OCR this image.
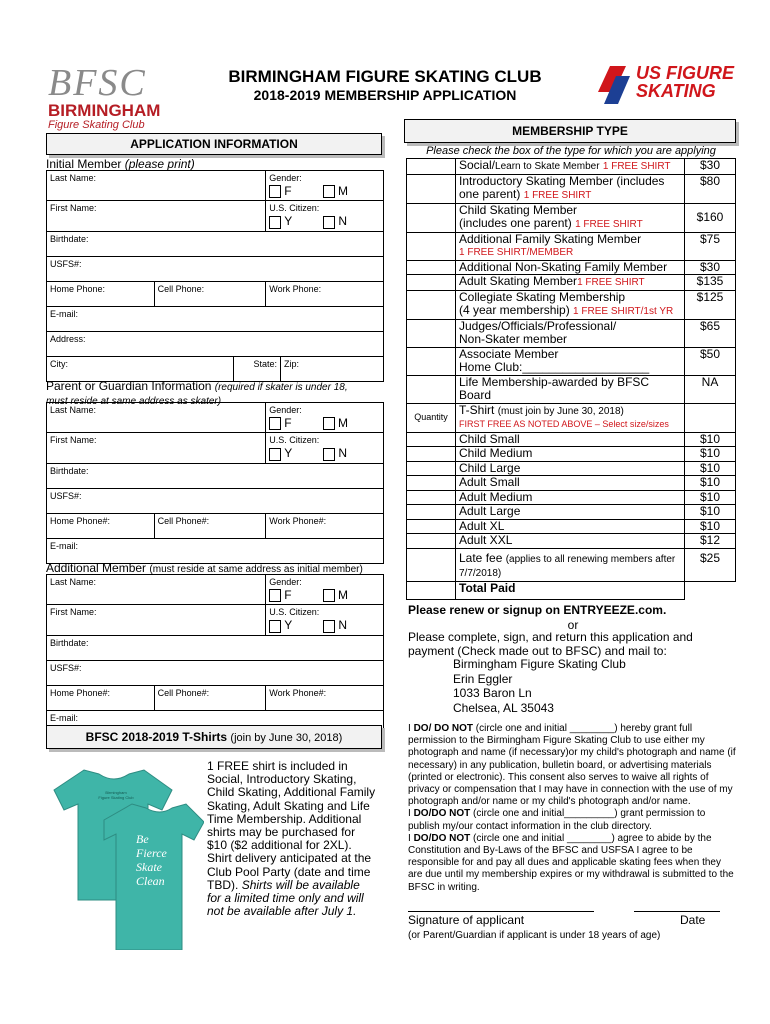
BIRMINGHAM FIGURE SKATING CLUB
2018-2019 MEMBERSHIP APPLICATION
BFSC
BIRMINGHAM
Figure Skating Club
US FIGURE SKATING
APPLICATION INFORMATION
Initial Member (please print)
Last Name:		Gender:
F M

First Name:		U.S. Citizen:
Y N

Birthdate:		
USFS#:		
Home Phone:	Cell Phone:	Work Phone:
E-mail:		
Address:		

City: State: Zip:		
Parent or Guardian Information (required if skater is under 18, must reside at same address as skater)
Last Name:		Gender:
F M

First Name:		U.S. Citizen:
Y N

Birthdate:		
USFS#:		
Home Phone#:	Cell Phone#:	Work Phone#:
E-mail:		
Additional Member (must reside at same address as initial member)
Last Name:		Gender:
F M

First Name:		U.S. Citizen:
Y N

Birthdate:		
USFS#:		
Home Phone#:	Cell Phone#:	Work Phone#:
E-mail:		
BFSC 2018-2019 T-Shirts (join by June 30, 2018)
Birmingham
Figure Skating Club
Be
Fierce
Skate
Clean
1 FREE shirt is included in Social, Introductory Skating, Child Skating, Additional Family Skating, Adult Skating and Life Time Membership. Additional shirts may be purchased for $10 ($2 additional for 2XL). Shirt delivery anticipated at the Club Pool Party (date and time TBD). Shirts will be available for a limited time only and will not be available after July 1.
MEMBERSHIP TYPE
Please check the box of the type for which you are applying
	Social/Learn to Skate Member 1 FREE SHIRT	$30

	Introductory Skating Member (includes
one parent) 1 FREE SHIRT	$80

	Child Skating Member
(includes one parent) 1 FREE SHIRT	$160

	Additional Family Skating Member
1 FREE SHIRT/MEMBER	$75
	Additional Non-Skating Family Member	$30
	Adult Skating Member1 FREE SHIRT	$135

	Collegiate Skating Membership
(4 year membership) 1 FREE SHIRT/1st YR	$125

	Judges/Officials/Professional/
Non-Skater member	$65

	Associate Member
Home Club:___________________	$50
	Life Membership-awarded by BFSC Board	NA
Quantity	T-Shirt (must join by June 30, 2018)
FIRST FREE AS NOTED ABOVE – Select size/sizes	

	Child Small	$10
	Child Medium	$10
	Child Large	$10
	Adult Small	$10
	Adult Medium	$10
	Adult Large	$10
	Adult XL	$10
	Adult XXL	$12
	Late fee (applies to all renewing members after 7/7/2018)	$25
	Total Paid	
Please renew or signup on ENTRYEEZE.com.
or
Please complete, sign, and return this application and payment (Check made out to BFSC) and mail to:
Birmingham Figure Skating Club
Erin Eggler
1033 Baron Ln
Chelsea, AL 35043
I DO/ DO NOT (circle one and initial ________) hereby grant full permission to the Birmingham Figure Skating Club to use either my photograph and name (if necessary)or my child's photograph and name (if necessary) in any publication, bulletin board, or advertising materials (printed or electronic). This consent also serves to waive all rights of privacy or compensation that I may have in connection with the use of my photograph and/or name or my child's photograph and/or name.
I DO/DO NOT (circle one and initial_________) grant permission to publish my/our contact information in the club directory.
I DO/DO NOT (circle one and initial ________) agree to abide by the Constitution and By-Laws of the BFSC and USFSA I agree to be responsible for and pay all dues and applicable skating fees when they are due until my membership expires or my withdrawal is submitted to the BFSC in writing.
Signature of applicant	Date
(or Parent/Guardian if applicant is under 18 years of age)
